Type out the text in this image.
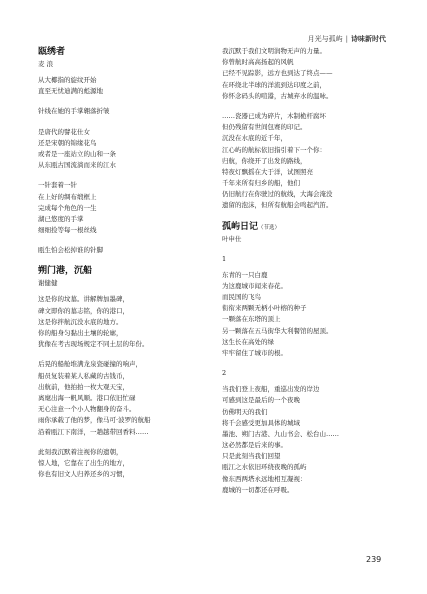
月光与孤屿 | 诗味新时代
瓯绣者
麦 浪
从大椰指的旋纹开始
直至无忧迪满的彪源地
针线在她的手掌翱落折皱
是唐代的譬花仕女
还是宋朝的锦缘花鸟
或者是一座站立的山和一条
从东瓯古国流淌而来的江水
一针套着一针
在上好的绸布缎框上
完成每个角色的一生
湖已悠度的手掌
细细捡等每一根丝线
瓯生怕会松掉谁的针脚
朔门港，沉船
谢健健
这是你的坟墓。讲解牌加墨碑，
碑文即你的墓志铭，你的港口，
这是你拌航沉没水底的地方。
你的船身匀黏出土壤的轮廓，
犹像在考古现场规定不同土层的年份。
后晃的船舱堆满龙泉瓷碰撞的响声，
船员复装着某人私藏的古钱币，
出航前，他拍拍一枚大观天宝，
离麾出海一帆风顺。港口依旧忙碌
无心注意一个小人物翻身的奋斗。
雨你承载了他的梦，像马可·波罗的航船
沿着瓯江下南洋，一趟越带回香料……
此刻我沉默着注视你的遗朝，
惊人地，它靠在了出生的地方，
你也有旧文人归养还乡的习惯，
我沉默于我们文明润物无声的力量。
你曾航时高高扬起的风帆
已经不见踪影，远方也到达了终点——
在环绕北半球的洋流到达印度之前，
你怀念码头的喧嚣，古城弃水的温咏。
……瓷器已成为碎片，木制桅杆腐坏
但仍残留有世间包赛的印记。
沉没在水底的近千年，
江心屿的航标依旧指引着下一个你：
归航，你绕开了出发的路线，
特夜灯飘摇在大于洋，试图照亮
千年来所有归乡的船，他们
仍旧航行在你驶过的航线，大海会淹没
遗留的泡沫，但所有航船会鸣起汽笛。
孤屿日记（节选）
叶申仕
1
东青的一只白鹿
为这鹿城市闻来春花。
而民国的飞鸟
衔衔来两颗无柄小叶榕的种子
一颗落在东塔的顶上
另一颗落在五马街华大利餐馆的屋顶。
这生长在高处的绿
牢牢留住了城市的根。
2
当我们登上夜船，重巡出发的岸边
可感到这是最后的一个夜晚
仿佛明天的我们
将千会感受更加具体的城域
墨池、朔门古港、九山书会、松台山……
这必然都是后来的事。
只是此刻当我们回望
瓯江之水依旧环绕夜晚的孤屿
像东西两塔永远地相互凝视：
鹿城的一切都还在呼吸。
239
